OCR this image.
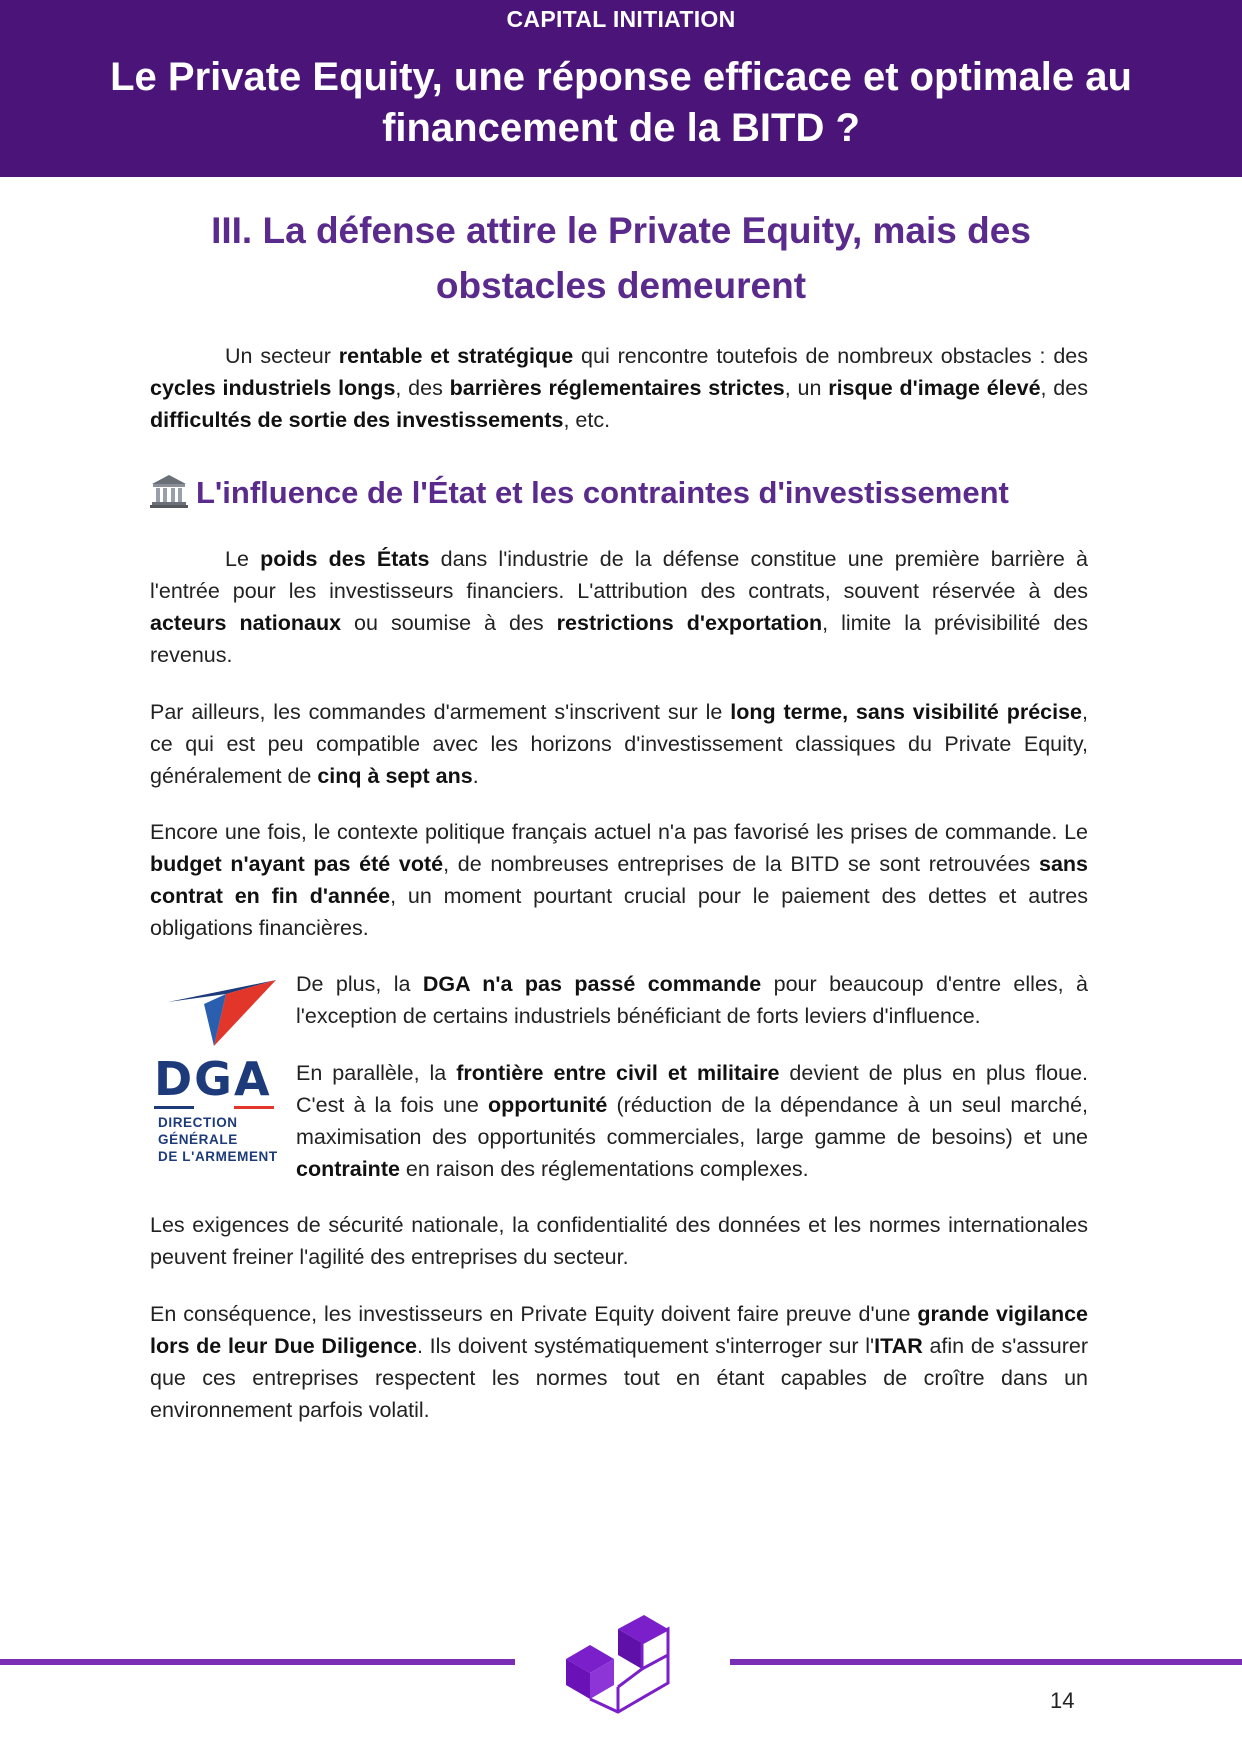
CAPITAL INITIATION
Le Private Equity, une réponse efficace et optimale au financement de la BITD ?
III. La défense attire le Private Equity, mais des obstacles demeurent
Un secteur rentable et stratégique qui rencontre toutefois de nombreux obstacles : des cycles industriels longs, des barrières réglementaires strictes, un risque d'image élevé, des difficultés de sortie des investissements, etc.
L'influence de l'État et les contraintes d'investissement
Le poids des États dans l'industrie de la défense constitue une première barrière à l'entrée pour les investisseurs financiers. L'attribution des contrats, souvent réservée à des acteurs nationaux ou soumise à des restrictions d'exportation, limite la prévisibilité des revenus.
Par ailleurs, les commandes d'armement s'inscrivent sur le long terme, sans visibilité précise, ce qui est peu compatible avec les horizons d'investissement classiques du Private Equity, généralement de cinq à sept ans.
Encore une fois, le contexte politique français actuel n'a pas favorisé les prises de commande. Le budget n'ayant pas été voté, de nombreuses entreprises de la BITD se sont retrouvées sans contrat en fin d'année, un moment pourtant crucial pour le paiement des dettes et autres obligations financières.
DGA
DIRECTION
GÉNÉRALE
DE L'ARMEMENT
De plus, la DGA n'a pas passé commande pour beaucoup d'entre elles, à l'exception de certains industriels bénéficiant de forts leviers d'influence.
En parallèle, la frontière entre civil et militaire devient de plus en plus floue. C'est à la fois une opportunité (réduction de la dépendance à un seul marché, maximisation des opportunités commerciales, large gamme de besoins) et une contrainte en raison des réglementations complexes.
Les exigences de sécurité nationale, la confidentialité des données et les normes internationales peuvent freiner l'agilité des entreprises du secteur.
En conséquence, les investisseurs en Private Equity doivent faire preuve d'une grande vigilance lors de leur Due Diligence. Ils doivent systématiquement s'interroger sur l'ITAR afin de s'assurer que ces entreprises respectent les normes tout en étant capables de croître dans un environnement parfois volatil.
14
